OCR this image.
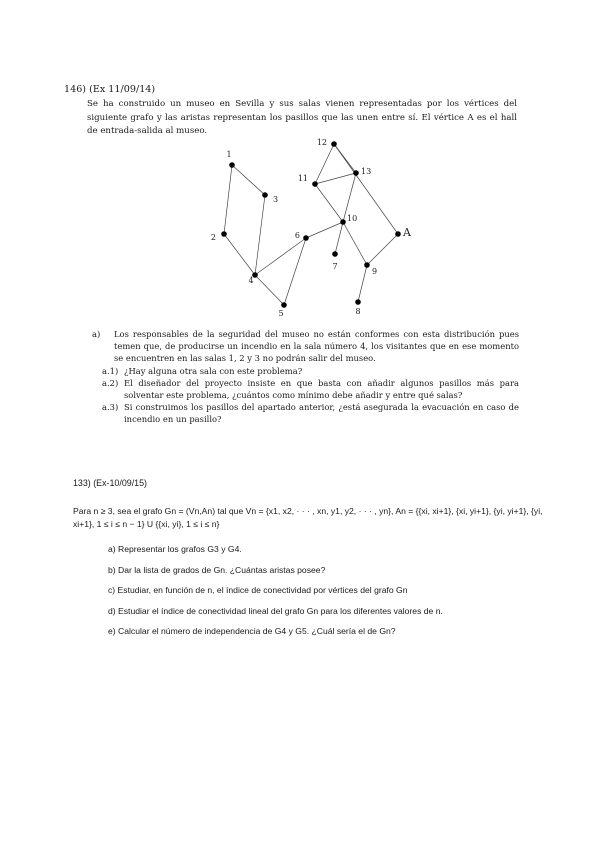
146) (Ex 11/09/14)
Se ha construido un museo en Sevilla y sus salas vienen representadas por los vértices del siguiente grafo y las aristas representan los pasillos que las unen entre sí. El vértice A es el hall de entrada-salida al museo.
1
2
3
4
5
6
7
8
9
10
11
12
13
A
a)	Los responsables de la seguridad del museo no están conformes con esta distribución pues temen que, de producirse un incendio en la sala número 4, los visitantes que en ese momento se encuentren en las salas 1, 2 y 3 no podrán salir del museo.
a.1) ¿Hay alguna otra sala con este problema?
a.2) El diseñador del proyecto insiste en que basta con añadir algunos pasillos más para solventar este problema, ¿cuántos como mínimo debe añadir y entre qué salas?
a.3) Si construimos los pasillos del apartado anterior, ¿está asegurada la evacuación en caso de incendio en un pasillo?
133) (Ex-10/09/15)
Para n ≥ 3, sea el grafo Gn = (Vn,An) tal que Vn = {x1, x2, · · · , xn, y1, y2, · · · , yn}, An = {{xi, xi+1}, {xi, yi+1}, {yi, yi+1}, {yi, xi+1}, 1 ≤ i ≤ n − 1} U {{xi, yi}, 1 ≤ i ≤ n}
a) Representar los grafos G3 y G4.
b) Dar la lista de grados de Gn. ¿Cuántas aristas posee?
c) Estudiar, en función de n, el índice de conectividad por vértices del grafo Gn
d) Estudiar el índice de conectividad lineal del grafo Gn para los diferentes valores de n.
e) Calcular el número de independencia de G4 y G5. ¿Cuál sería el de Gn?
